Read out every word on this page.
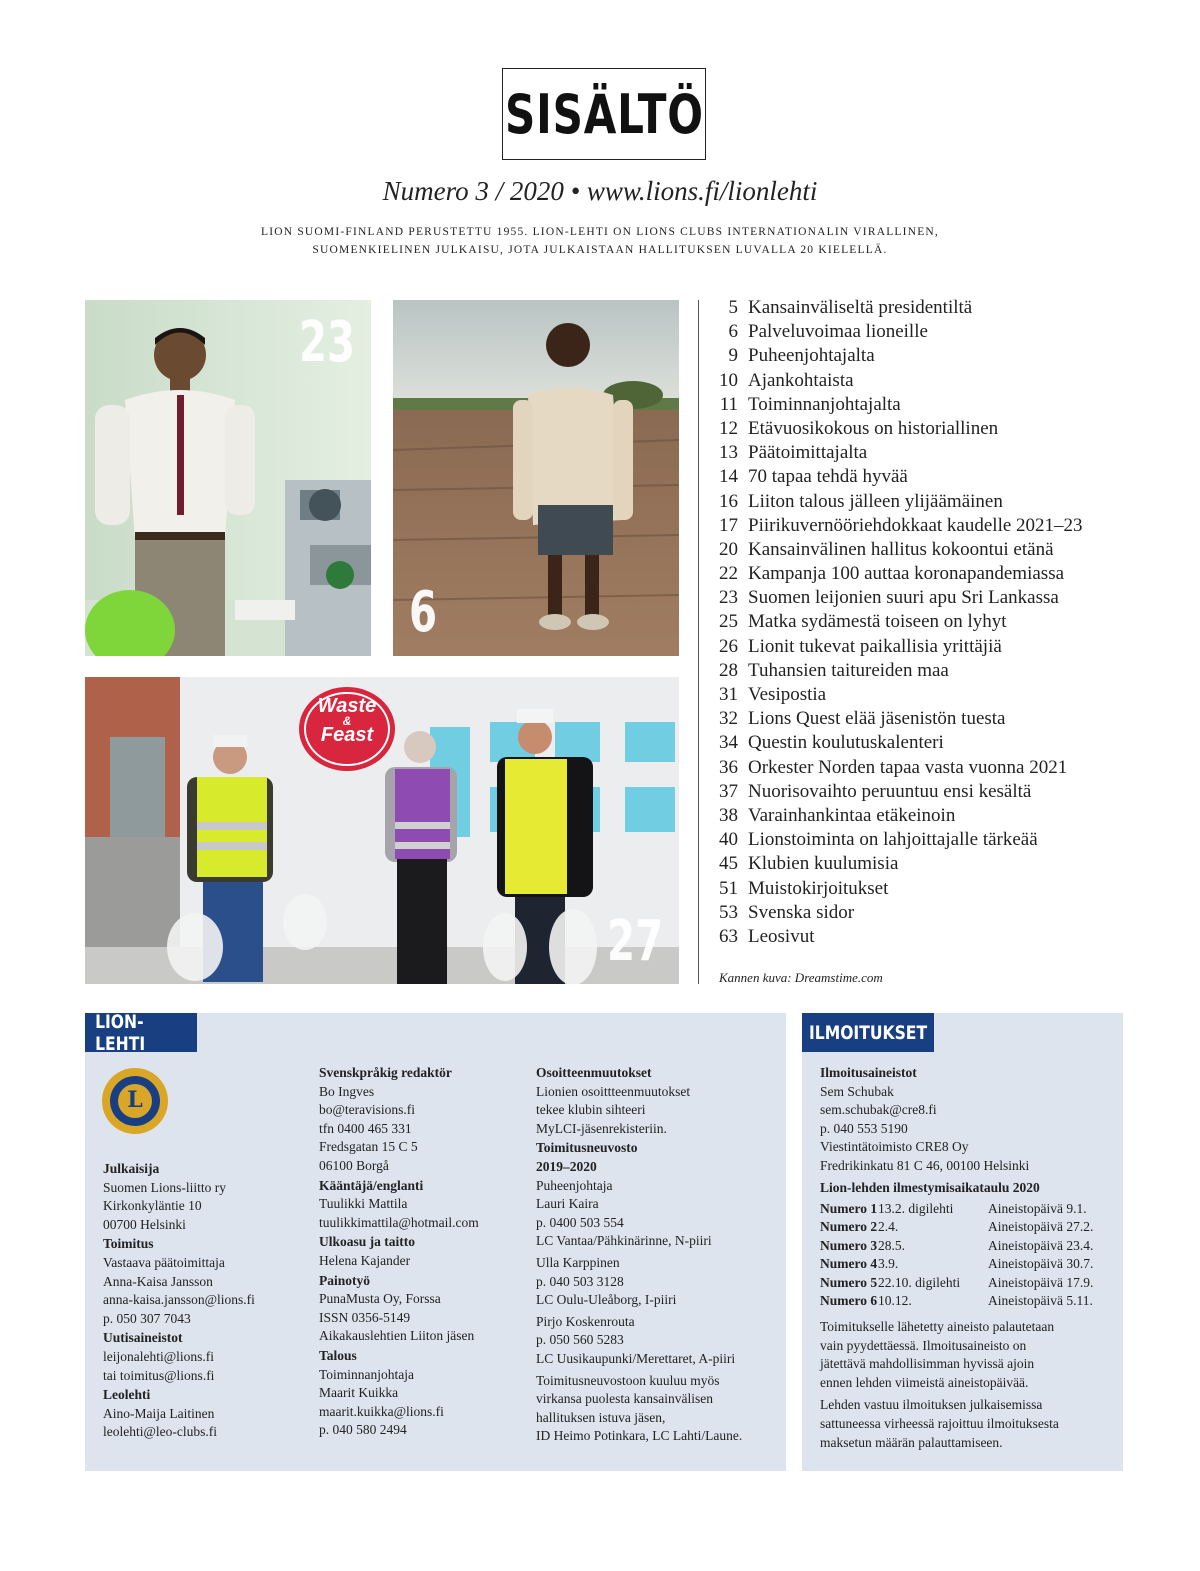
SISÄLTÖ
Numero 3 / 2020 • www.lions.fi/lionlehti
LION SUOMI-FINLAND PERUSTETTU 1955. LION-LEHTI ON LIONS CLUBS INTERNATIONALIN VIRALLINEN,
SUOMENKIELINEN JULKAISU, JOTA JULKAISTAAN HALLITUKSEN LUVALLA 20 KIELELLÄ.
23
6
Waste
&
Feast
27
5 Kansainväliseltä presidentiltä
6 Palveluvoimaa lioneille
9 Puheenjohtajalta
10 Ajankohtaista
11 Toiminnanjohtajalta
12 Etävuosikokous on historiallinen
13 Päätoimittajalta
14 70 tapaa tehdä hyvää
16 Liiton talous jälleen ylijäämäinen
17 Piirikuvernööriehdokkaat kaudelle 2021–23
20 Kansainvälinen hallitus kokoontui etänä
22 Kampanja 100 auttaa koronapandemiassa
23 Suomen leijonien suuri apu Sri Lankassa
25 Matka sydämestä toiseen on lyhyt
26 Lionit tukevat paikallisia yrittäjiä
28 Tuhansien taitureiden maa
31 Vesipostia
32 Lions Quest elää jäsenistön tuesta
34 Questin koulutuskalenteri
36 Orkester Norden tapaa vasta vuonna 2021
37 Nuorisovaihto peruuntuu ensi kesältä
38 Varainhankintaa etäkeinoin
40 Lionstoiminta on lahjoittajalle tärkeää
45 Klubien kuulumisia
51 Muistokirjoitukset
53 Svenska sidor
63 Leosivut
Kannen kuva: Dreamstime.com
LION-LEHTI
L
LIONS
INTERNATIONAL
Julkaisija
Suomen Lions-liitto ry
Kirkonkyläntie 10
00700 Helsinki
Toimitus
Vastaava päätoimittaja
Anna-Kaisa Jansson
anna-kaisa.jansson@lions.fi
p. 050 307 7043
Uutisaineistot
leijonalehti@lions.fi
tai toimitus@lions.fi
Leolehti
Aino-Maija Laitinen
leolehti@leo-clubs.fi
Svenskpråkig redaktör
Bo Ingves
bo@teravisions.fi
tfn 0400 465 331
Fredsgatan 15 C 5
06100 Borgå
Kääntäjä/englanti
Tuulikki Mattila
tuulikkimattila@hotmail.com
Ulkoasu ja taitto
Helena Kajander
Painotyö
PunaMusta Oy, Forssa
ISSN 0356-5149
Aikakauslehtien Liiton jäsen
Talous
Toiminnanjohtaja
Maarit Kuikka
maarit.kuikka@lions.fi
p. 040 580 2494
Osoitteenmuutokset
Lionien osoittteenmuutokset
tekee klubin sihteeri
MyLCI-jäsenrekisteriin.
Toimitusneuvosto
2019–2020
Puheenjohtaja
Lauri Kaira
p. 0400 503 554
LC Vantaa/Pähkinärinne, N-piiri
Ulla Karppinen
p. 040 503 3128
LC Oulu-Uleåborg, I-piiri
Pirjo Koskenrouta
p. 050 560 5283
LC Uusikaupunki/Merettaret, A-piiri
Toimitusneuvostoon kuuluu myös
virkansa puolesta kansainvälisen
hallituksen istuva jäsen,
ID Heimo Potinkara, LC Lahti/Laune.
ILMOITUKSET
Ilmoitusaineistot
Sem Schubak
sem.schubak@cre8.fi
p. 040 553 5190
Viestintätoimisto CRE8 Oy
Fredrikinkatu 81 C 46, 00100 Helsinki
Lion-lehden ilmestymisaikataulu 2020
Numero 1 13.2. digilehti	Aineistopäivä 9.1.
Numero 2 2.4.	Aineistopäivä 27.2.
Numero 3 28.5.	Aineistopäivä 23.4.
Numero 4 3.9.	Aineistopäivä 30.7.
Numero 5 22.10. digilehti	Aineistopäivä 17.9.
Numero 6 10.12.	Aineistopäivä 5.11.
Toimitukselle lähetetty aineisto palautetaan
vain pyydettäessä. Ilmoitusaineisto on
jätettävä mahdollisimman hyvissä ajoin
ennen lehden viimeistä aineistopäivää.
Lehden vastuu ilmoituksen julkaisemissa
sattuneessa virheessä rajoittuu ilmoituksesta
maksetun määrän palauttamiseen.
